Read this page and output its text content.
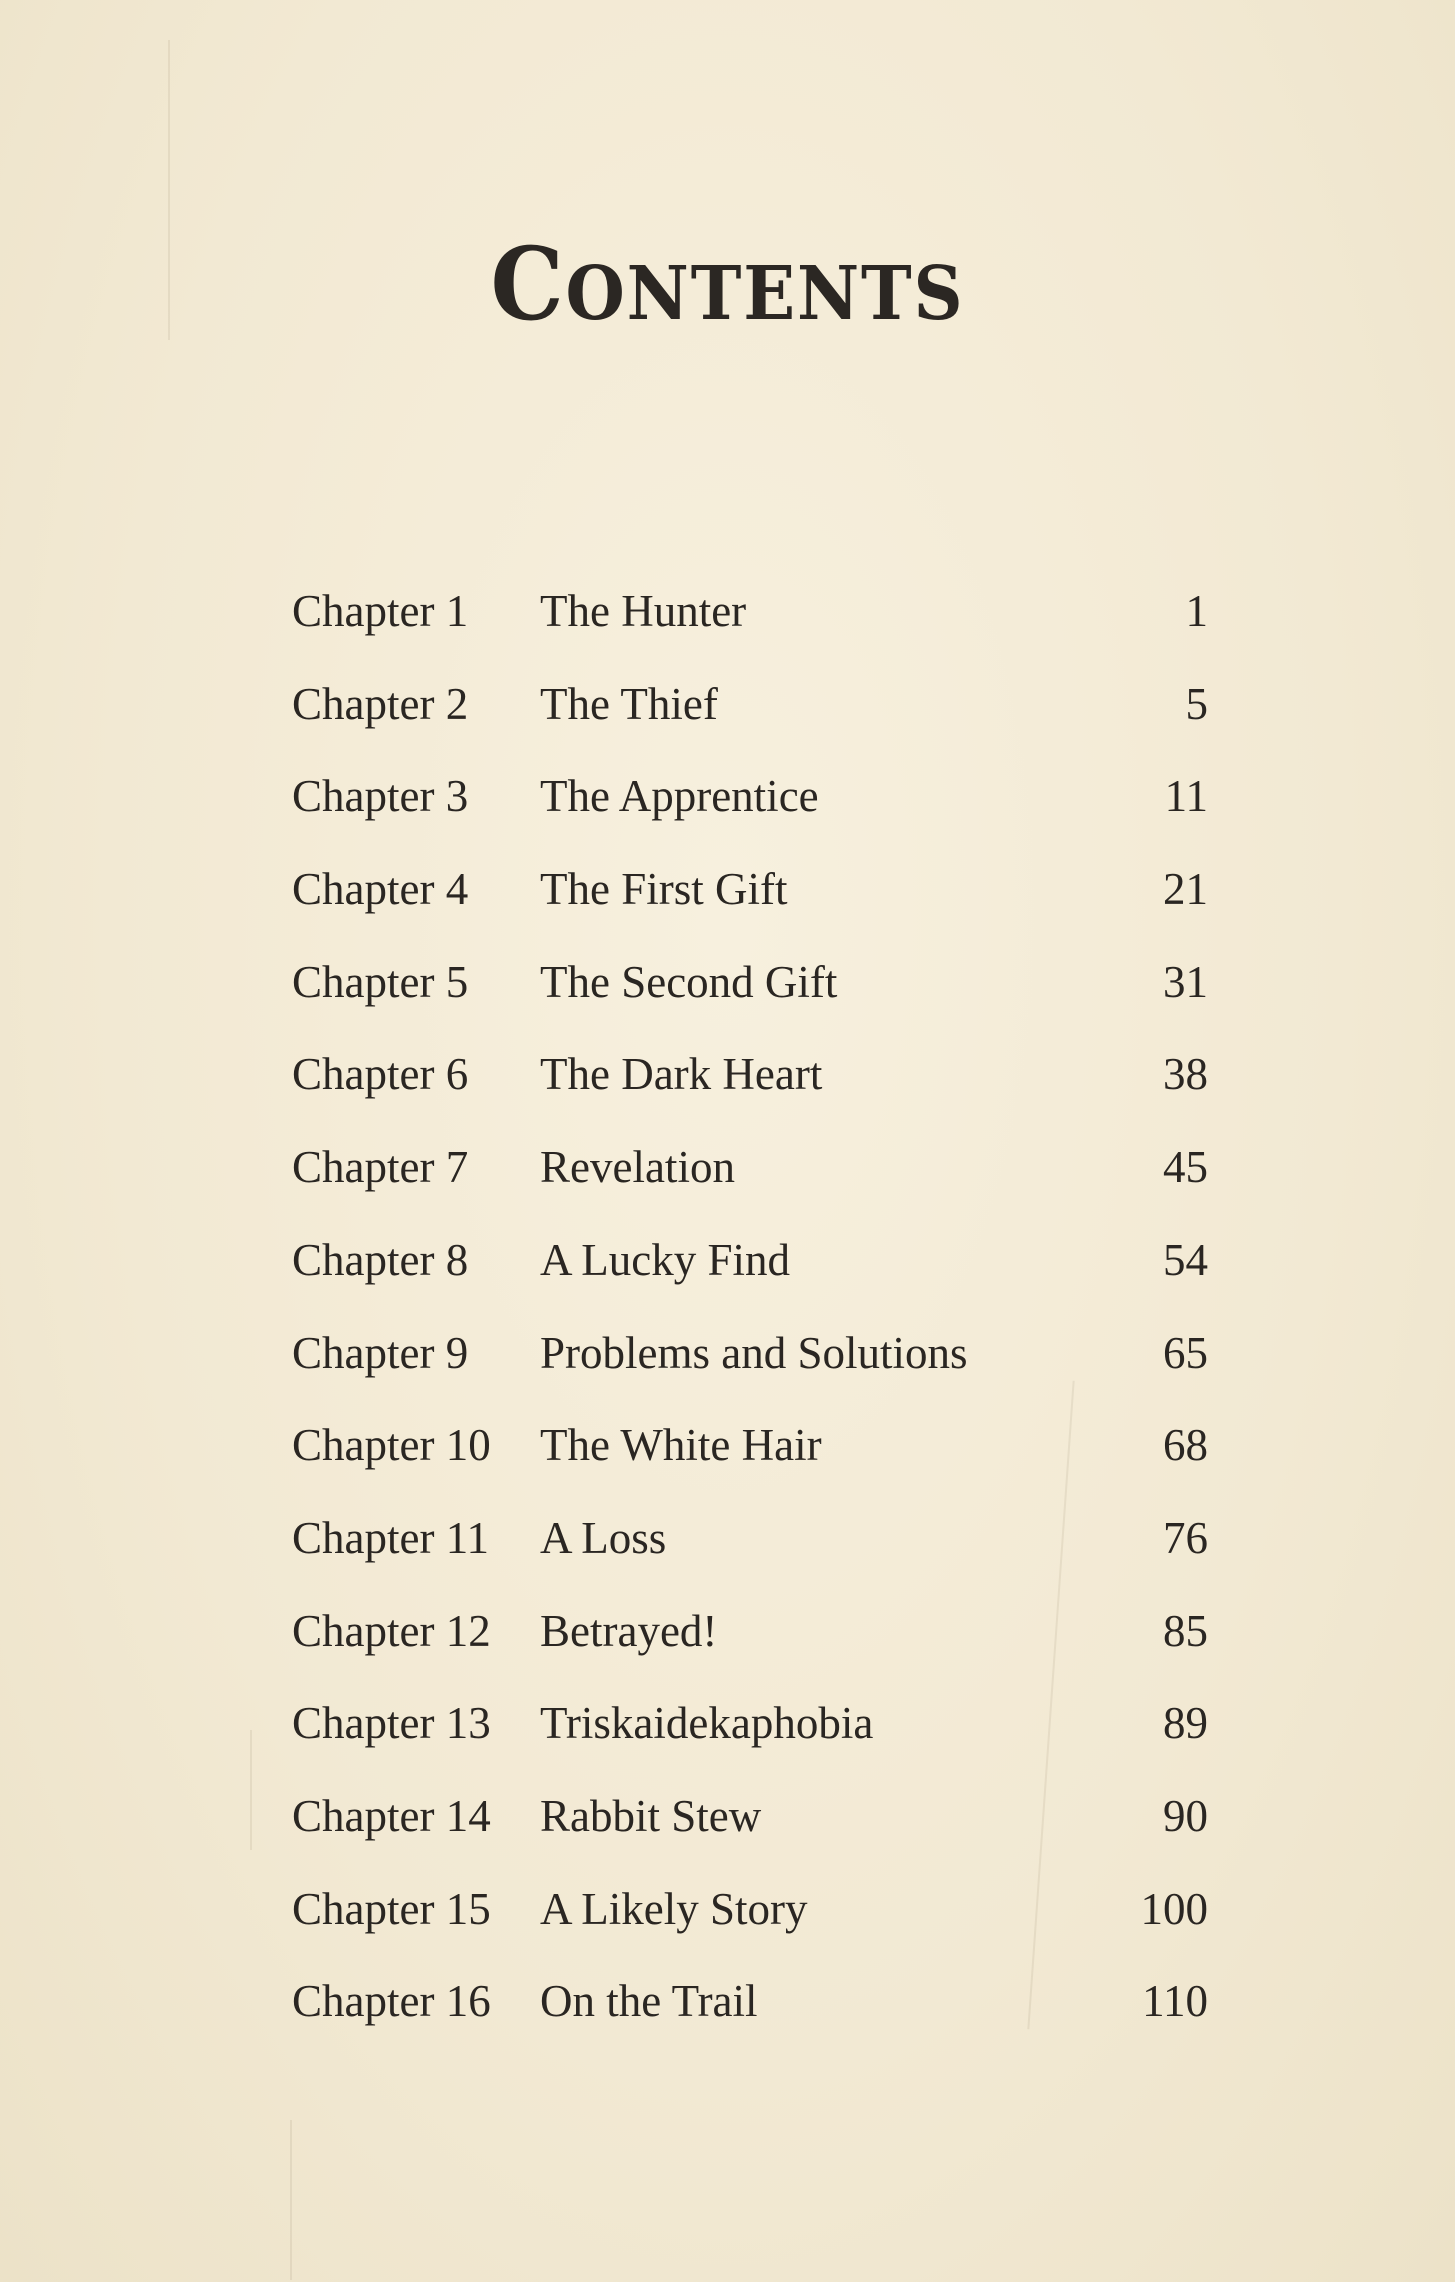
CONTENTS
Chapter 1 The Hunter	1
Chapter 2 The Thief	5
Chapter 3 The Apprentice	11
Chapter 4 The First Gift	21
Chapter 5 The Second Gift	31
Chapter 6 The Dark Heart	38
Chapter 7 Revelation	45
Chapter 8 A Lucky Find	54
Chapter 9 Problems and Solutions	65
Chapter 10 The White Hair	68
Chapter 11 A Loss	76
Chapter 12 Betrayed!	85
Chapter 13 Triskaidekaphobia	89
Chapter 14 Rabbit Stew	90
Chapter 15 A Likely Story	100
Chapter 16 On the Trail	110
